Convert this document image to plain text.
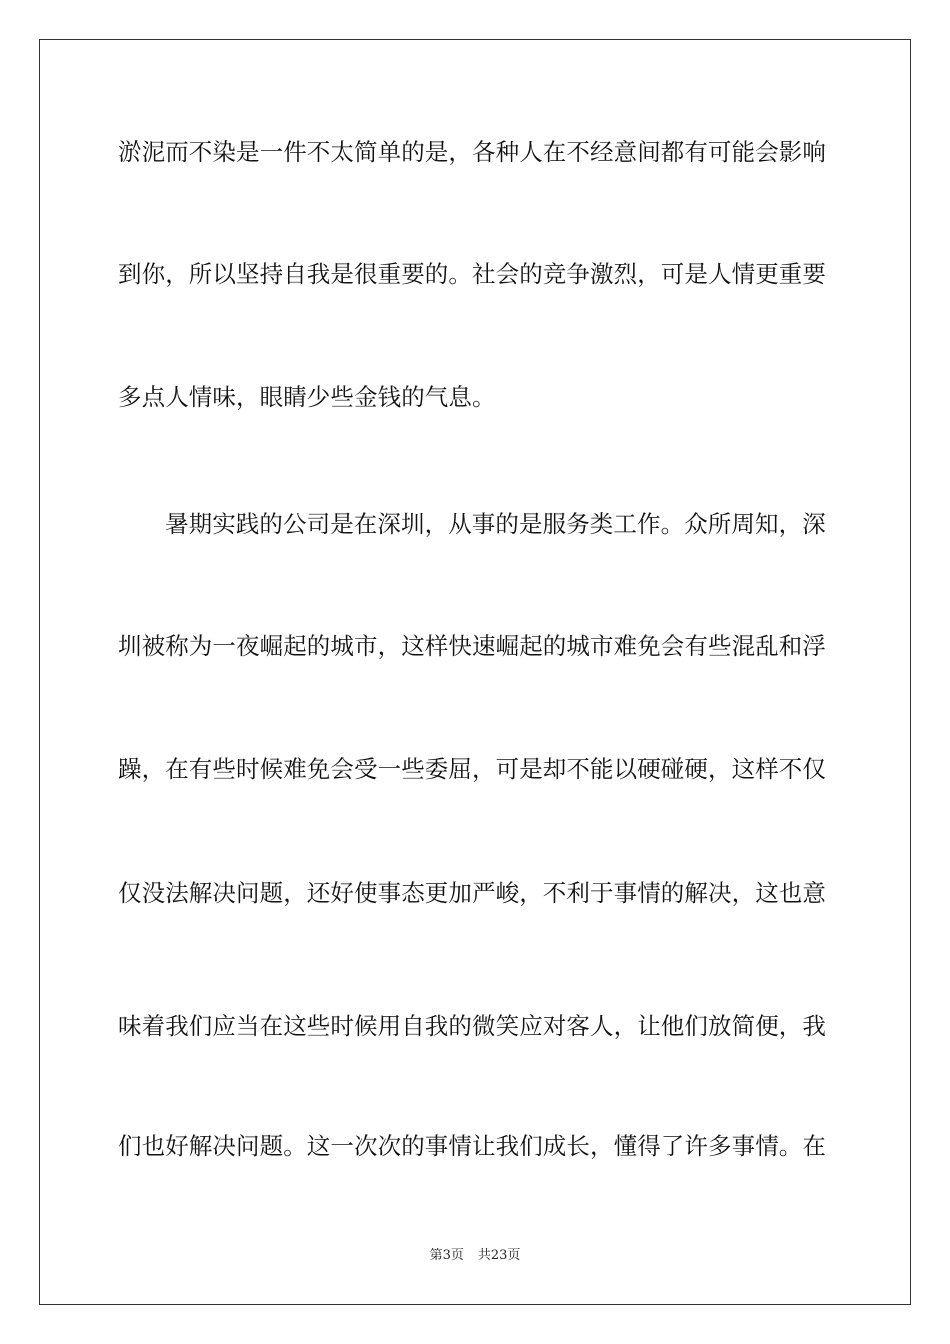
淤泥而不染是一件不太简单的是，各种人在不经意间都有可能会影响
到你，所以坚持自我是很重要的。社会的竞争激烈，可是人情更重要
多点人情味，眼睛少些金钱的气息。
暑期实践的公司是在深圳，从事的是服务类工作。众所周知，深
圳被称为一夜崛起的城市，这样快速崛起的城市难免会有些混乱和浮
躁，在有些时候难免会受一些委屈，可是却不能以硬碰硬，这样不仅
仅没法解决问题，还好使事态更加严峻，不利于事情的解决，这也意
味着我们应当在这些时候用自我的微笑应对客人，让他们放简便，我
们也好解决问题。这一次次的事情让我们成长，懂得了许多事情。在
第3页 共23页
